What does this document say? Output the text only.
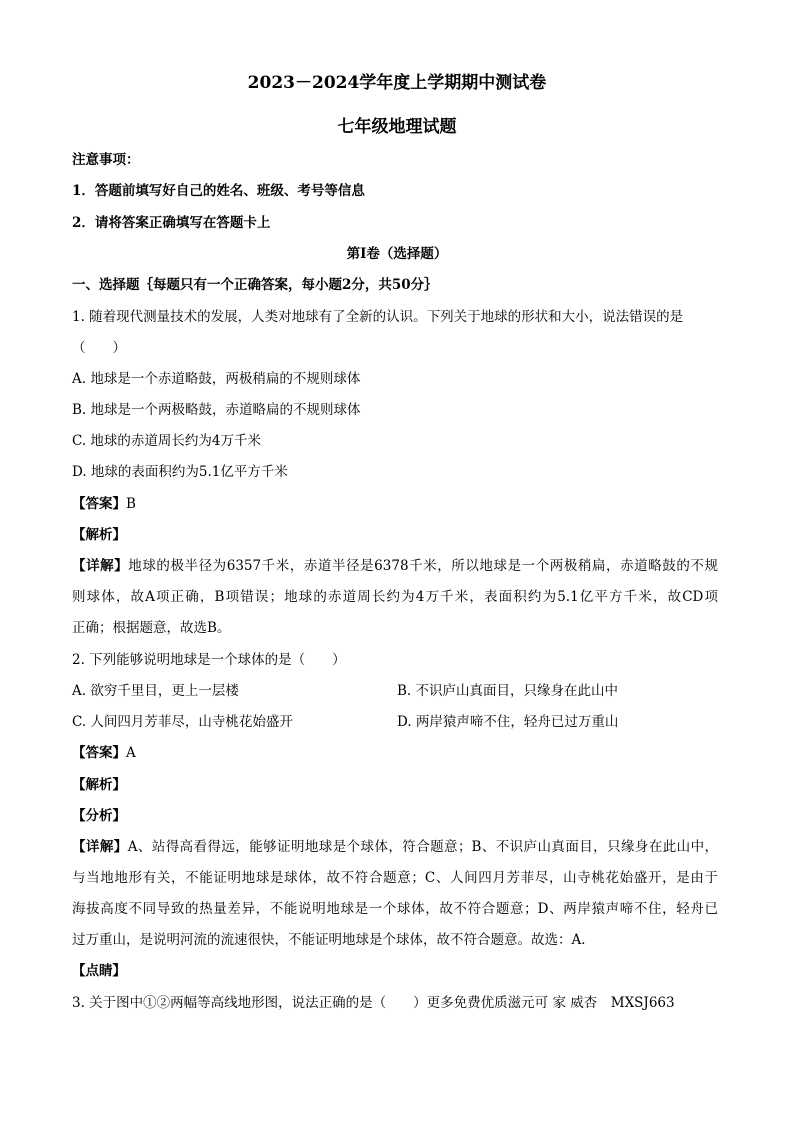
2023－2024学年度上学期期中测试卷
七年级地理试题
注意事项：
1．答题前填写好自己的姓名、班级、考号等信息
2．请将答案正确填写在答题卡上
第Ⅰ卷（选择题）
一、选择题｛每题只有一个正确答案，每小题2分，共50分｝
1. 随着现代测量技术的发展，人类对地球有了全新的认识。下列关于地球的形状和大小，说法错误的是
（　　）
A. 地球是一个赤道略鼓，两极稍扁的不规则球体
B. 地球是一个两极略鼓，赤道略扁的不规则球体
C. 地球的赤道周长约为4万千米
D. 地球的表面积约为5.1亿平方千米
【答案】B
【解析】
【详解】地球的极半径为6357千米，赤道半径是6378千米，所以地球是一个两极稍扁，赤道略鼓的不规
则球体，故A项正确，B项错误；地球的赤道周长约为4万千米，表面积约为5.1亿平方千米，故CD项
正确；根据题意，故选B。
2. 下列能够说明地球是一个球体的是（　　）
A. 欲穷千里目，更上一层楼	B. 不识庐山真面目，只缘身在此山中
C. 人间四月芳菲尽，山寺桃花始盛开	D. 两岸猿声啼不住，轻舟已过万重山
【答案】A
【解析】
【分析】
【详解】A、站得高看得远，能够证明地球是个球体，符合题意；B、不识庐山真面目，只缘身在此山中，
与当地地形有关，不能证明地球是球体，故不符合题意；C、人间四月芳菲尽，山寺桃花始盛开，是由于
海拔高度不同导致的热量差异，不能说明地球是一个球体，故不符合题意；D、两岸猿声啼不住，轻舟已
过万重山，是说明河流的流速很快，不能证明地球是个球体，故不符合题意。故选：A．
【点睛】
3. 关于图中①②两幅等高线地形图，说法正确的是（　　）更多免费优质滋元可 家 威杏　MXSJ663
